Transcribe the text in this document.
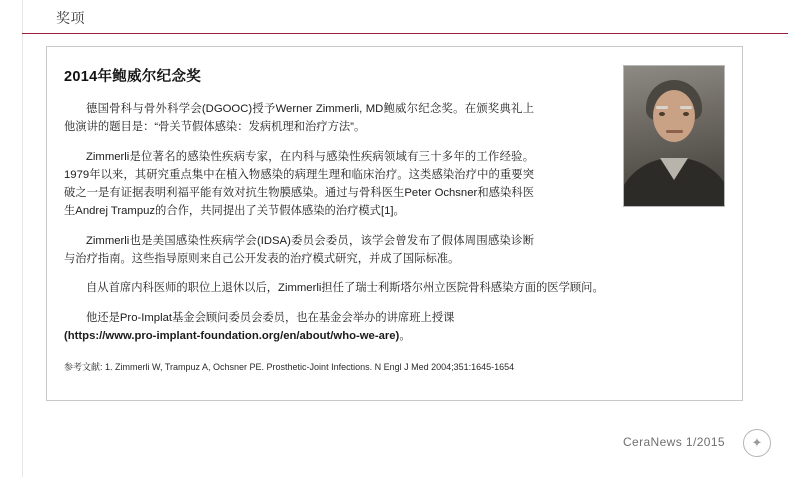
奖项
2014年鲍威尔纪念奖

德国骨科与骨外科学会(DGOOC)授予Werner Zimmerli, MD鲍威尔纪念奖。在颁奖典礼上他演讲的题目是：“骨关节假体感染：发病机理和治疗方法”。

Zimmerli是位著名的感染性疾病专家，在内科与感染性疾病领域有三十多年的工作经验。1979年以来，其研究重点集中在植入物感染的病理生理和临床治疗。这类感染治疗中的重要突破之一是有证据表明利福平能有效对抗生物膜感染。通过与骨科医生Peter Ochsner和感染科医生Andrej Trampuz的合作，共同提出了关节假体感染的治疗模式[1]。

Zimmerli也是美国感染性疾病学会(IDSA)委员会委员，该学会曾发布了假体周围感染诊断与治疗指南。这些指导原则来自己公开发表的治疗模式研究，并成了国际标准。

自从首席内科医师的职位上退休以后，Zimmerli担任了瑞士利斯塔尔州立医院骨科感染方面的医学顾问。

他还是Pro-Implat基金会顾问委员会委员，也在基金会举办的讲席班上授课
(https://www.pro-implant-foundation.org/en/about/who-we-are)。

参考文献: 1. Zimmerli W, Trampuz A, Ochsner PE. Prosthetic-Joint Infections. N Engl J Med 2004;351:1645-1654
CeraNews 1/2015	✦
